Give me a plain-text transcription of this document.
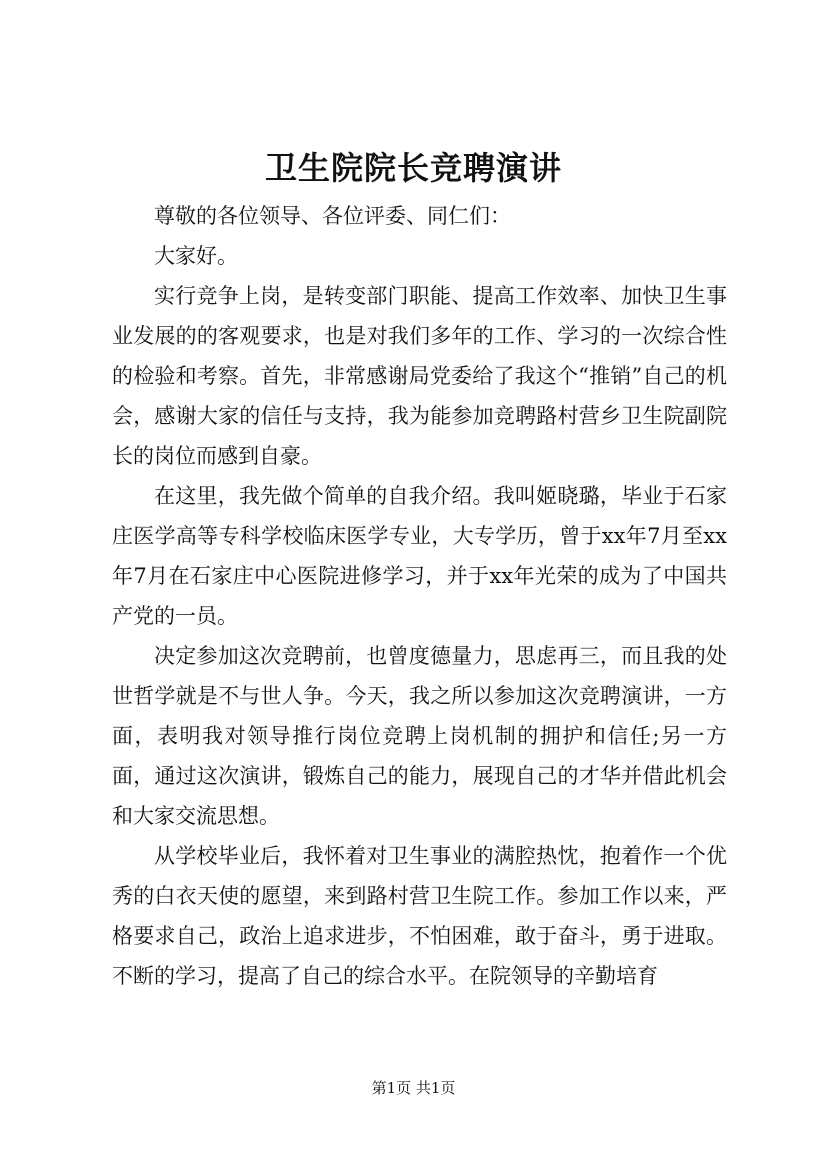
卫生院院长竞聘演讲

尊敬的各位领导、各位评委、同仁们：

大家好。

实行竞争上岗，是转变部门职能、提高工作效率、加快卫生事业发展的的客观要求，也是对我们多年的工作、学习的一次综合性的检验和考察。首先，非常感谢局党委给了我这个“推销”自己的机会，感谢大家的信任与支持，我为能参加竞聘路村营乡卫生院副院长的岗位而感到自豪。

在这里，我先做个简单的自我介绍。我叫姬晓璐，毕业于石家庄医学高等专科学校临床医学专业，大专学历，曾于xx年7月至xx年7月在石家庄中心医院进修学习，并于xx年光荣的成为了中国共产党的一员。

决定参加这次竞聘前，也曾度德量力，思虑再三，而且我的处世哲学就是不与世人争。今天，我之所以参加这次竞聘演讲，一方面，表明我对领导推行岗位竞聘上岗机制的拥护和信任;另一方面，通过这次演讲，锻炼自己的能力，展现自己的才华并借此机会和大家交流思想。

从学校毕业后，我怀着对卫生事业的满腔热忱，抱着作一个优秀的白衣天使的愿望，来到路村营卫生院工作。参加工作以来，严格要求自己，政治上追求进步，不怕困难，敢于奋斗，勇于进取。不断的学习，提高了自己的综合水平。在院领导的辛勤培育

第1页 共1页
